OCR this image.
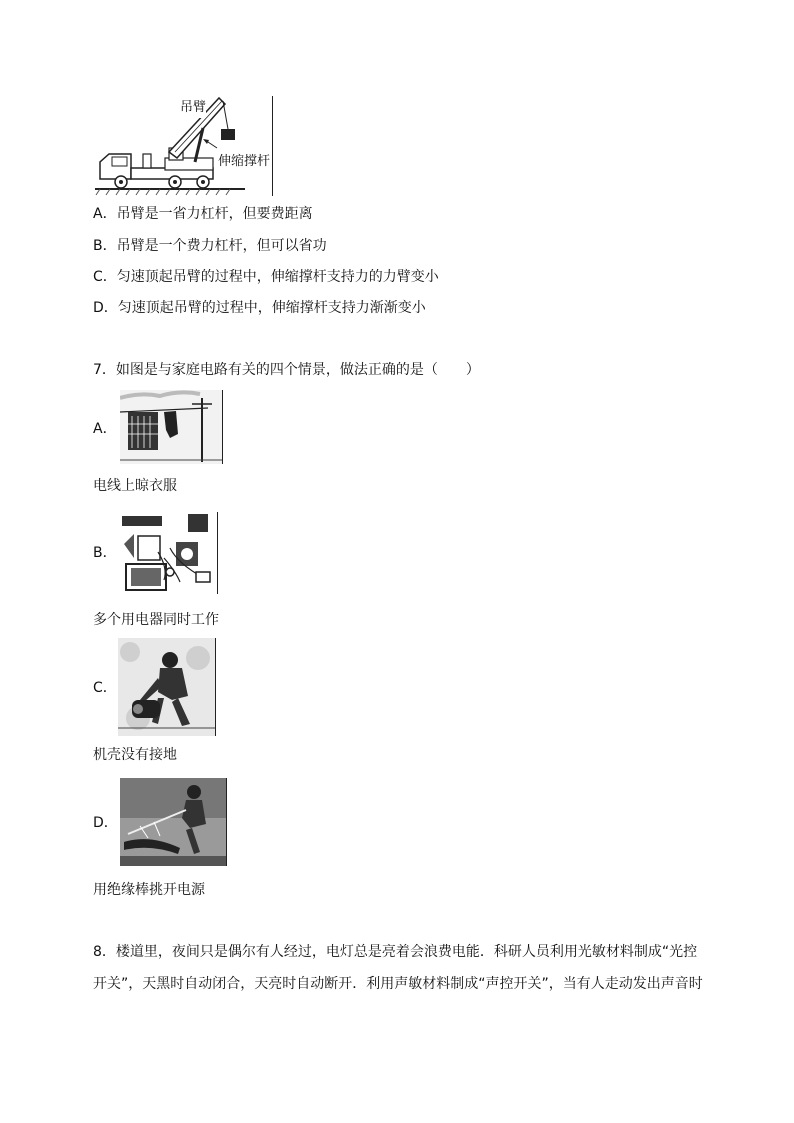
吊臂
伸缩撑杆
A．吊臂是一省力杠杆，但要费距离
B．吊臂是一个费力杠杆，但可以省功
C．匀速顶起吊臂的过程中，伸缩撑杆支持力的力臂变小
D．匀速顶起吊臂的过程中，伸缩撑杆支持力渐渐变小
7．如图是与家庭电路有关的四个情景，做法正确的是（　　）
A．
电线上晾衣服
B．
多个用电器同时工作
C．
机壳没有接地
D．
用绝缘棒挑开电源
8．楼道里，夜间只是偶尔有人经过，电灯总是亮着会浪费电能．科研人员利用光敏材料制成“光控
开关”，天黑时自动闭合，天亮时自动断开．利用声敏材料制成“声控开关”，当有人走动发出声音时
